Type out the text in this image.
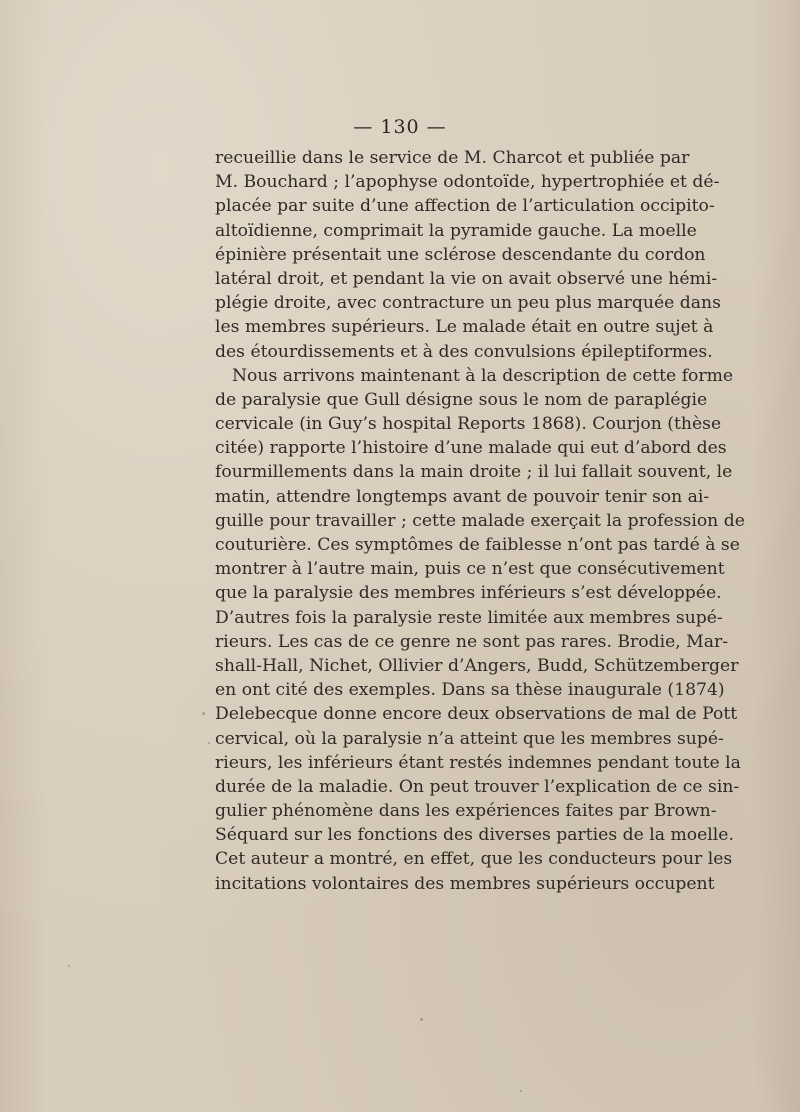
— 130 —
recueillie dans le service de M. Charcot et publiée par
M. Bouchard ; l’apophyse odontoïde, hypertrophiée et dé-
placée par suite d’une affection de l’articulation occipito-
altoïdienne, comprimait la pyramide gauche. La moelle
épinière présentait une sclérose descendante du cordon
latéral droit, et pendant la vie on avait observé une hémi-
plégie droite, avec contracture un peu plus marquée dans
les membres supérieurs. Le malade était en outre sujet à
des étourdissements et à des convulsions épileptiformes.
Nous arrivons maintenant à la description de cette forme
de paralysie que Gull désigne sous le nom de paraplégie
cervicale (in Guy’s hospital Reports 1868). Courjon (thèse
citée) rapporte l’histoire d’une malade qui eut d’abord des
fourmillements dans la main droite ; il lui fallait souvent, le
matin, attendre longtemps avant de pouvoir tenir son ai-
guille pour travailler ; cette malade exerçait la profession de
couturière. Ces symptômes de faiblesse n’ont pas tardé à se
montrer à l’autre main, puis ce n’est que consécutivement
que la paralysie des membres inférieurs s’est développée.
D’autres fois la paralysie reste limitée aux membres supé-
rieurs. Les cas de ce genre ne sont pas rares. Brodie, Mar-
shall-Hall, Nichet, Ollivier d’Angers, Budd, Schützemberger
en ont cité des exemples. Dans sa thèse inaugurale (1874)
Delebecque donne encore deux observations de mal de Pott
cervical, où la paralysie n’a atteint que les membres supé-
rieurs, les inférieurs étant restés indemnes pendant toute la
durée de la maladie. On peut trouver l’explication de ce sin-
gulier phénomène dans les expériences faites par Brown-
Séquard sur les fonctions des diverses parties de la moelle.
Cet auteur a montré, en effet, que les conducteurs pour les
incitations volontaires des membres supérieurs occupent
